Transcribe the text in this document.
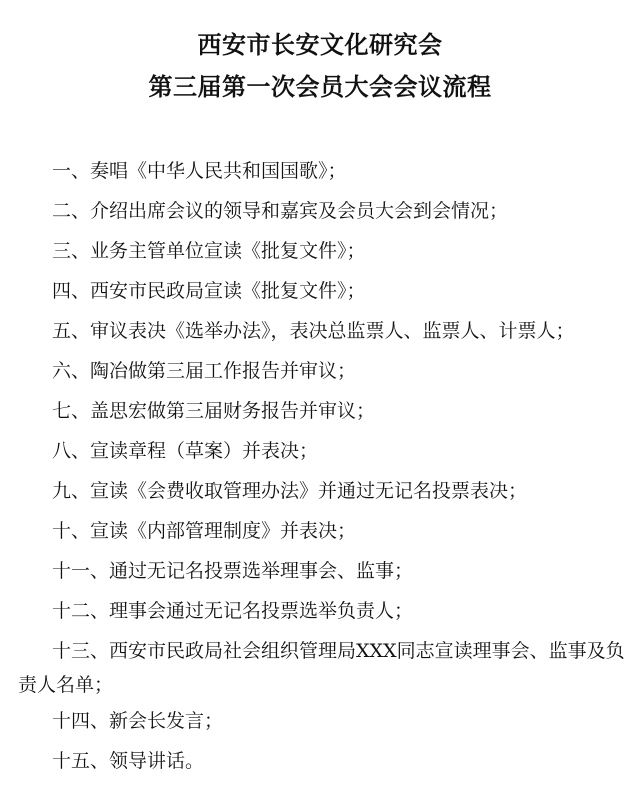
西安市长安文化研究会
第三届第一次会员大会会议流程
一、奏唱《中华人民共和国国歌》；
二、介绍出席会议的领导和嘉宾及会员大会到会情况；
三、业务主管单位宣读《批复文件》；
四、西安市民政局宣读《批复文件》；
五、审议表决《选举办法》，表决总监票人、监票人、计票人；
六、陶冶做第三届工作报告并审议；
七、盖思宏做第三届财务报告并审议；
八、宣读章程（草案）并表决；
九、宣读《会费收取管理办法》并通过无记名投票表决；
十、宣读《内部管理制度》并表决；
十一、通过无记名投票选举理事会、监事；
十二、理事会通过无记名投票选举负责人；
十三、西安市民政局社会组织管理局XXX同志宣读理事会、监事及负责人名单；
十四、新会长发言；
十五、领导讲话。
